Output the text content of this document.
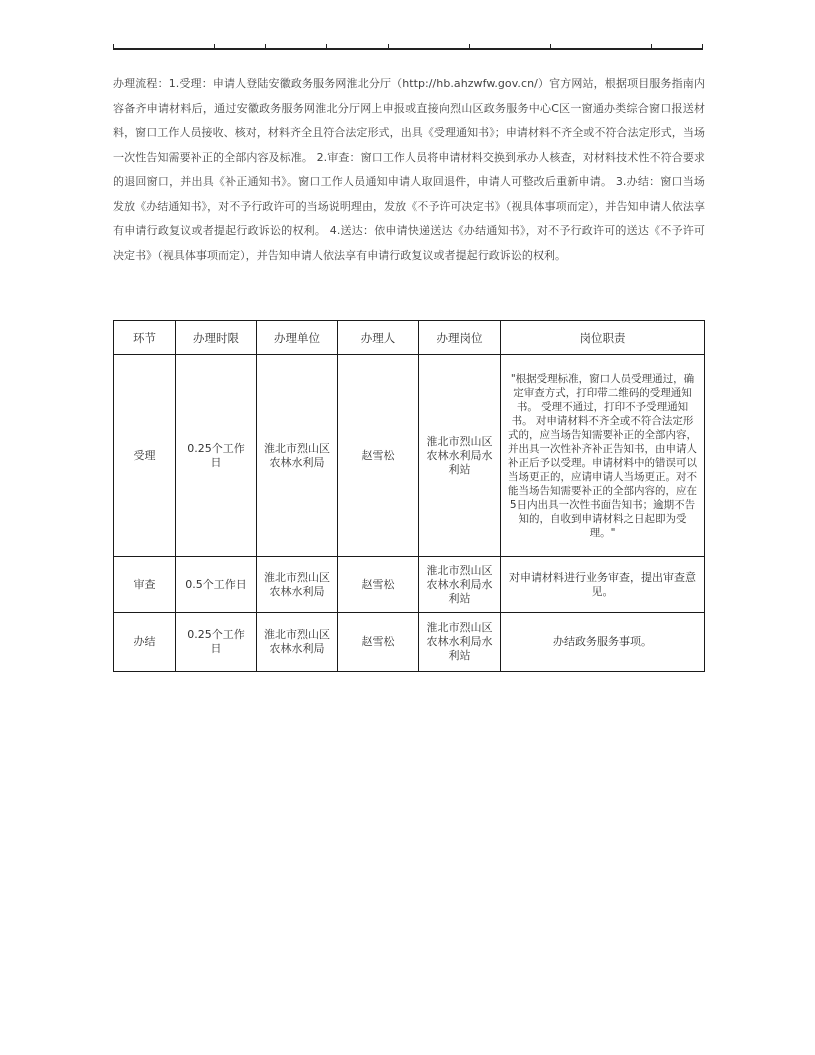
办理流程：1.受理：申请人登陆安徽政务服务网淮北分厅（http://hb.ahzwfw.gov.cn/）官方网站，根据项目服务指南内容备齐申请材料后，通过安徽政务服务网淮北分厅网上申报或直接向烈山区政务服务中心C区一窗通办类综合窗口报送材料，窗口工作人员接收、核对，材料齐全且符合法定形式，出具《受理通知书》；申请材料不齐全或不符合法定形式，当场一次性告知需要补正的全部内容及标准。 2.审查：窗口工作人员将申请材料交换到承办人核查，对材料技术性不符合要求的退回窗口，并出具《补正通知书》。窗口工作人员通知申请人取回退件，申请人可整改后重新申请。 3.办结：窗口当场发放《办结通知书》，对不予行政许可的当场说明理由，发放《不予许可决定书》（视具体事项而定），并告知申请人依法享有申请行政复议或者提起行政诉讼的权利。 4.送达：依申请快递送达《办结通知书》，对不予行政许可的送达《不予许可决定书》（视具体事项而定），并告知申请人依法享有申请行政复议或者提起行政诉讼的权利。
环节	办理时限	办理单位	办理人	办理岗位	岗位职责
受理	0.25个工作日	淮北市烈山区农林水利局	赵雪松	淮北市烈山区农林水利局水利站	"根据受理标准，窗口人员受理通过，确定审查方式，打印带二维码的受理通知书。 受理不通过，打印不予受理通知书。 对申请材料不齐全或不符合法定形式的，应当场告知需要补正的全部内容，并出具一次性补齐补正告知书，由申请人补正后予以受理。申请材料中的错误可以当场更正的，应请申请人当场更正。对不能当场告知需要补正的全部内容的，应在5日内出具一次性书面告知书；逾期不告知的，自收到申请材料之日起即为受理。"
审查	0.5个工作日	淮北市烈山区农林水利局	赵雪松	淮北市烈山区农林水利局水利站	对申请材料进行业务审查，提出审查意见。
办结	0.25个工作日	淮北市烈山区农林水利局	赵雪松	淮北市烈山区农林水利局水利站	办结政务服务事项。
